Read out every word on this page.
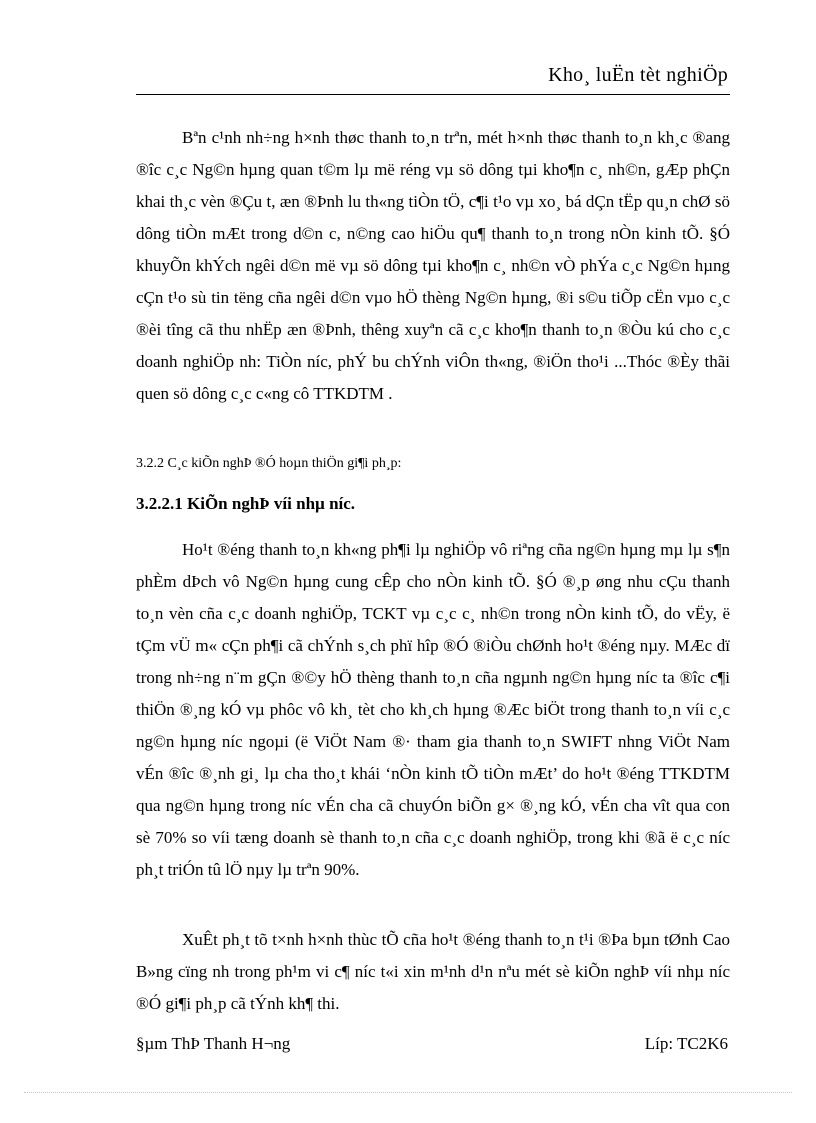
Kho¸ luËn tèt nghiÖp

Bªn c¹nh nh÷ng h×nh thøc thanh to¸n trªn, mét h×nh thøc thanh to¸n kh¸c ®ang ®îc c¸c Ng©n hµng quan t©m lµ më réng vµ sö dông tµi kho¶n c¸ nh©n, gÆp phÇn khai th¸c vèn ®Çu t, æn ®Þnh lu th«ng tiÒn tÖ, c¶i t¹o vµ xo¸ bá dÇn tËp qu¸n chØ sö dông tiÒn mÆt trong d©n c, n©ng cao hiÖu qu¶ thanh to¸n trong nÒn kinh tÕ. §Ó khuyÕn khÝch ngêi d©n më vµ sö dông tµi kho¶n c¸ nh©n vÒ phÝa c¸c Ng©n hµng cÇn t¹o sù tin tëng cña ngêi d©n vµo hÖ thèng Ng©n hµng, ®i s©u tiÕp cËn vµo c¸c ®èi tîng cã thu nhËp æn ®Þnh, thêng xuyªn cã c¸c kho¶n thanh to¸n ®Òu kú cho c¸c doanh nghiÖp nh: TiÒn níc, phÝ bu chÝnh viÔn th«ng, ®iÖn tho¹i ...Thóc ®Èy thãi quen sö dông c¸c c«ng cô TTKDTM .

3.2.2 C¸c kiÕn nghÞ ®Ó hoµn thiÖn gi¶i ph¸p:

3.2.2.1 KiÕn nghÞ víi nhµ níc.

Ho¹t ®éng thanh to¸n kh«ng ph¶i lµ nghiÖp vô riªng cña ng©n hµng mµ lµ s¶n phÈm dÞch vô Ng©n hµng cung cÊp cho nÒn kinh tÕ. §Ó ®¸p øng nhu cÇu thanh to¸n vèn cña c¸c doanh nghiÖp, TCKT vµ c¸c c¸ nh©n trong nÒn kinh tÕ, do vËy, ë tÇm vÜ m« cÇn ph¶i cã chÝnh s¸ch phï hîp ®Ó ®iÒu chØnh ho¹t ®éng nµy. MÆc dï trong nh÷ng n¨m gÇn ®©y hÖ thèng thanh to¸n cña ngµnh ng©n hµng níc ta ®îc c¶i thiÖn ®¸ng kÓ vµ phôc vô kh¸ tèt cho kh¸ch hµng ®Æc biÖt trong thanh to¸n víi c¸c ng©n hµng níc ngoµi (ë ViÖt Nam ®· tham gia thanh to¸n SWIFT nhng ViÖt Nam vÉn ®îc ®¸nh gi¸ lµ cha tho¸t khái ‘nÒn kinh tÕ tiÒn mÆt’ do ho¹t ®éng TTKDTM qua ng©n hµng trong níc vÉn cha cã chuyÓn biÕn g× ®¸ng kÓ, vÉn cha vît qua con sè 70% so víi tæng doanh sè thanh to¸n cña c¸c doanh nghiÖp, trong khi ®ã ë c¸c níc ph¸t triÓn tû lÖ nµy lµ trªn 90%.

XuÊt ph¸t tõ t×nh h×nh thùc tÕ cña ho¹t ®éng thanh to¸n t¹i ®Þa bµn tØnh Cao B»ng cïng nh trong ph¹m vi c¶ níc t«i xin m¹nh d¹n nªu mét sè kiÕn nghÞ víi nhµ níc ®Ó gi¶i ph¸p cã tÝnh kh¶ thi.

§µm ThÞ Thanh H¬ng	Líp: TC2K6
